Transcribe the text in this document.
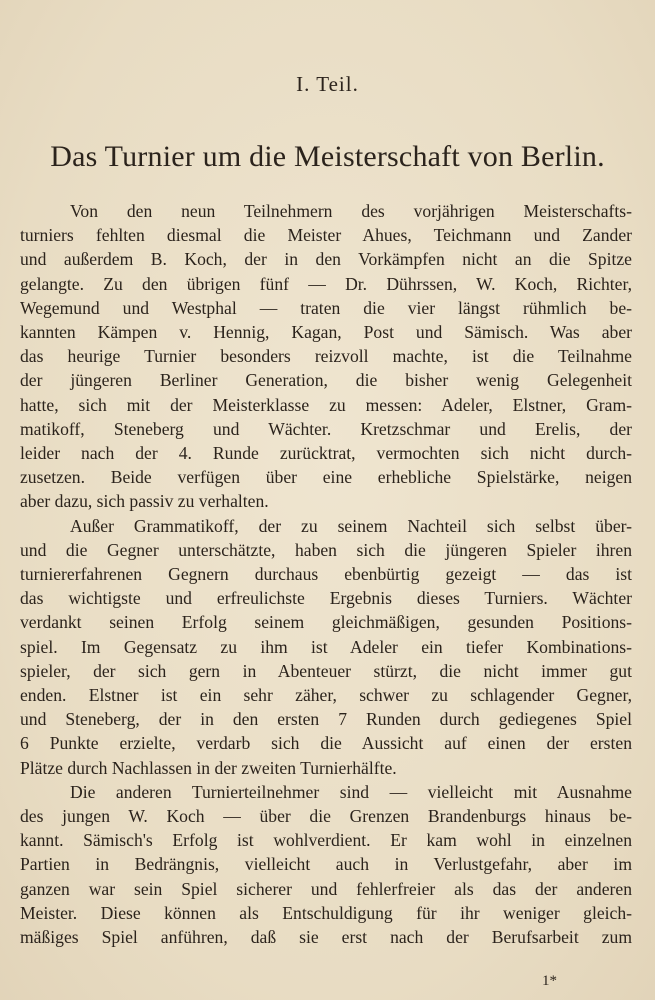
I. Teil.
Das Turnier um die Meisterschaft von Berlin.

Von den neun Teilnehmern des vorjährigen Meisterschafts-
turniers fehlten diesmal die Meister Ahues, Teichmann und Zander
und außerdem B. Koch, der in den Vorkämpfen nicht an die Spitze
gelangte. Zu den übrigen fünf — Dr. Dührssen, W. Koch, Richter,
Wegemund und Westphal — traten die vier längst rühmlich be-
kannten Kämpen v. Hennig, Kagan, Post und Sämisch. Was aber
das heurige Turnier besonders reizvoll machte, ist die Teilnahme
der jüngeren Berliner Generation, die bisher wenig Gelegenheit
hatte, sich mit der Meisterklasse zu messen: Adeler, Elstner, Gram-
matikoff, Steneberg und Wächter. Kretzschmar und Erelis, der
leider nach der 4. Runde zurücktrat, vermochten sich nicht durch-
zusetzen. Beide verfügen über eine erhebliche Spielstärke, neigen
aber dazu, sich passiv zu verhalten.

Außer Grammatikoff, der zu seinem Nachteil sich selbst über-
und die Gegner unterschätzte, haben sich die jüngeren Spieler ihren
turniererfahrenen Gegnern durchaus ebenbürtig gezeigt — das ist
das wichtigste und erfreulichste Ergebnis dieses Turniers. Wächter
verdankt seinen Erfolg seinem gleichmäßigen, gesunden Positions-
spiel. Im Gegensatz zu ihm ist Adeler ein tiefer Kombinations-
spieler, der sich gern in Abenteuer stürzt, die nicht immer gut
enden. Elstner ist ein sehr zäher, schwer zu schlagender Gegner,
und Steneberg, der in den ersten 7 Runden durch gediegenes Spiel
6 Punkte erzielte, verdarb sich die Aussicht auf einen der ersten
Plätze durch Nachlassen in der zweiten Turnierhälfte.

Die anderen Turnierteilnehmer sind — vielleicht mit Ausnahme
des jungen W. Koch — über die Grenzen Brandenburgs hinaus be-
kannt. Sämisch's Erfolg ist wohlverdient. Er kam wohl in einzelnen
Partien in Bedrängnis, vielleicht auch in Verlustgefahr, aber im
ganzen war sein Spiel sicherer und fehlerfreier als das der anderen
Meister. Diese können als Entschuldigung für ihr weniger gleich-
mäßiges Spiel anführen, daß sie erst nach der Berufsarbeit zum

1*
